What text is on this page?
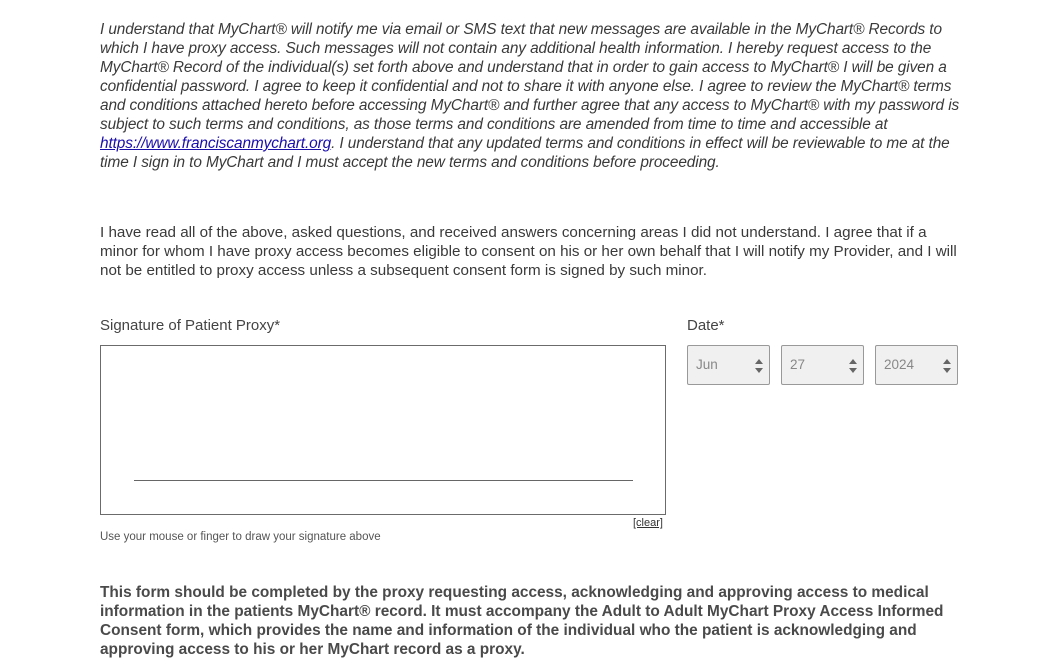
I understand that MyChart® will notify me via email or SMS text that new messages are available in the MyChart® Records to which I have proxy access. Such messages will not contain any additional health information. I hereby request access to the MyChart® Record of the individual(s) set forth above and understand that in order to gain access to MyChart® I will be given a confidential password. I agree to keep it confidential and not to share it with anyone else. I agree to review the MyChart® terms and conditions attached hereto before accessing MyChart® and further agree that any access to MyChart® with my password is subject to such terms and conditions, as those terms and conditions are amended from time to time and accessible at https://www.franciscanmychart.org. I understand that any updated terms and conditions in effect will be reviewable to me at the time I sign in to MyChart and I must accept the new terms and conditions before proceeding.

I have read all of the above, asked questions, and received answers concerning areas I did not understand. I agree that if a minor for whom I have proxy access becomes eligible to consent on his or her own behalf that I will notify my Provider, and I will not be entitled to proxy access unless a subsequent consent form is signed by such minor.

Signature of Patient Proxy*
[clear]
Use your mouse or finger to draw your signature above
Date*
Jun	27	2024

This form should be completed by the proxy requesting access, acknowledging and approving access to medical information in the patients MyChart® record. It must accompany the Adult to Adult MyChart Proxy Access Informed Consent form, which provides the name and information of the individual who the patient is acknowledging and approving access to his or her MyChart record as a proxy.
